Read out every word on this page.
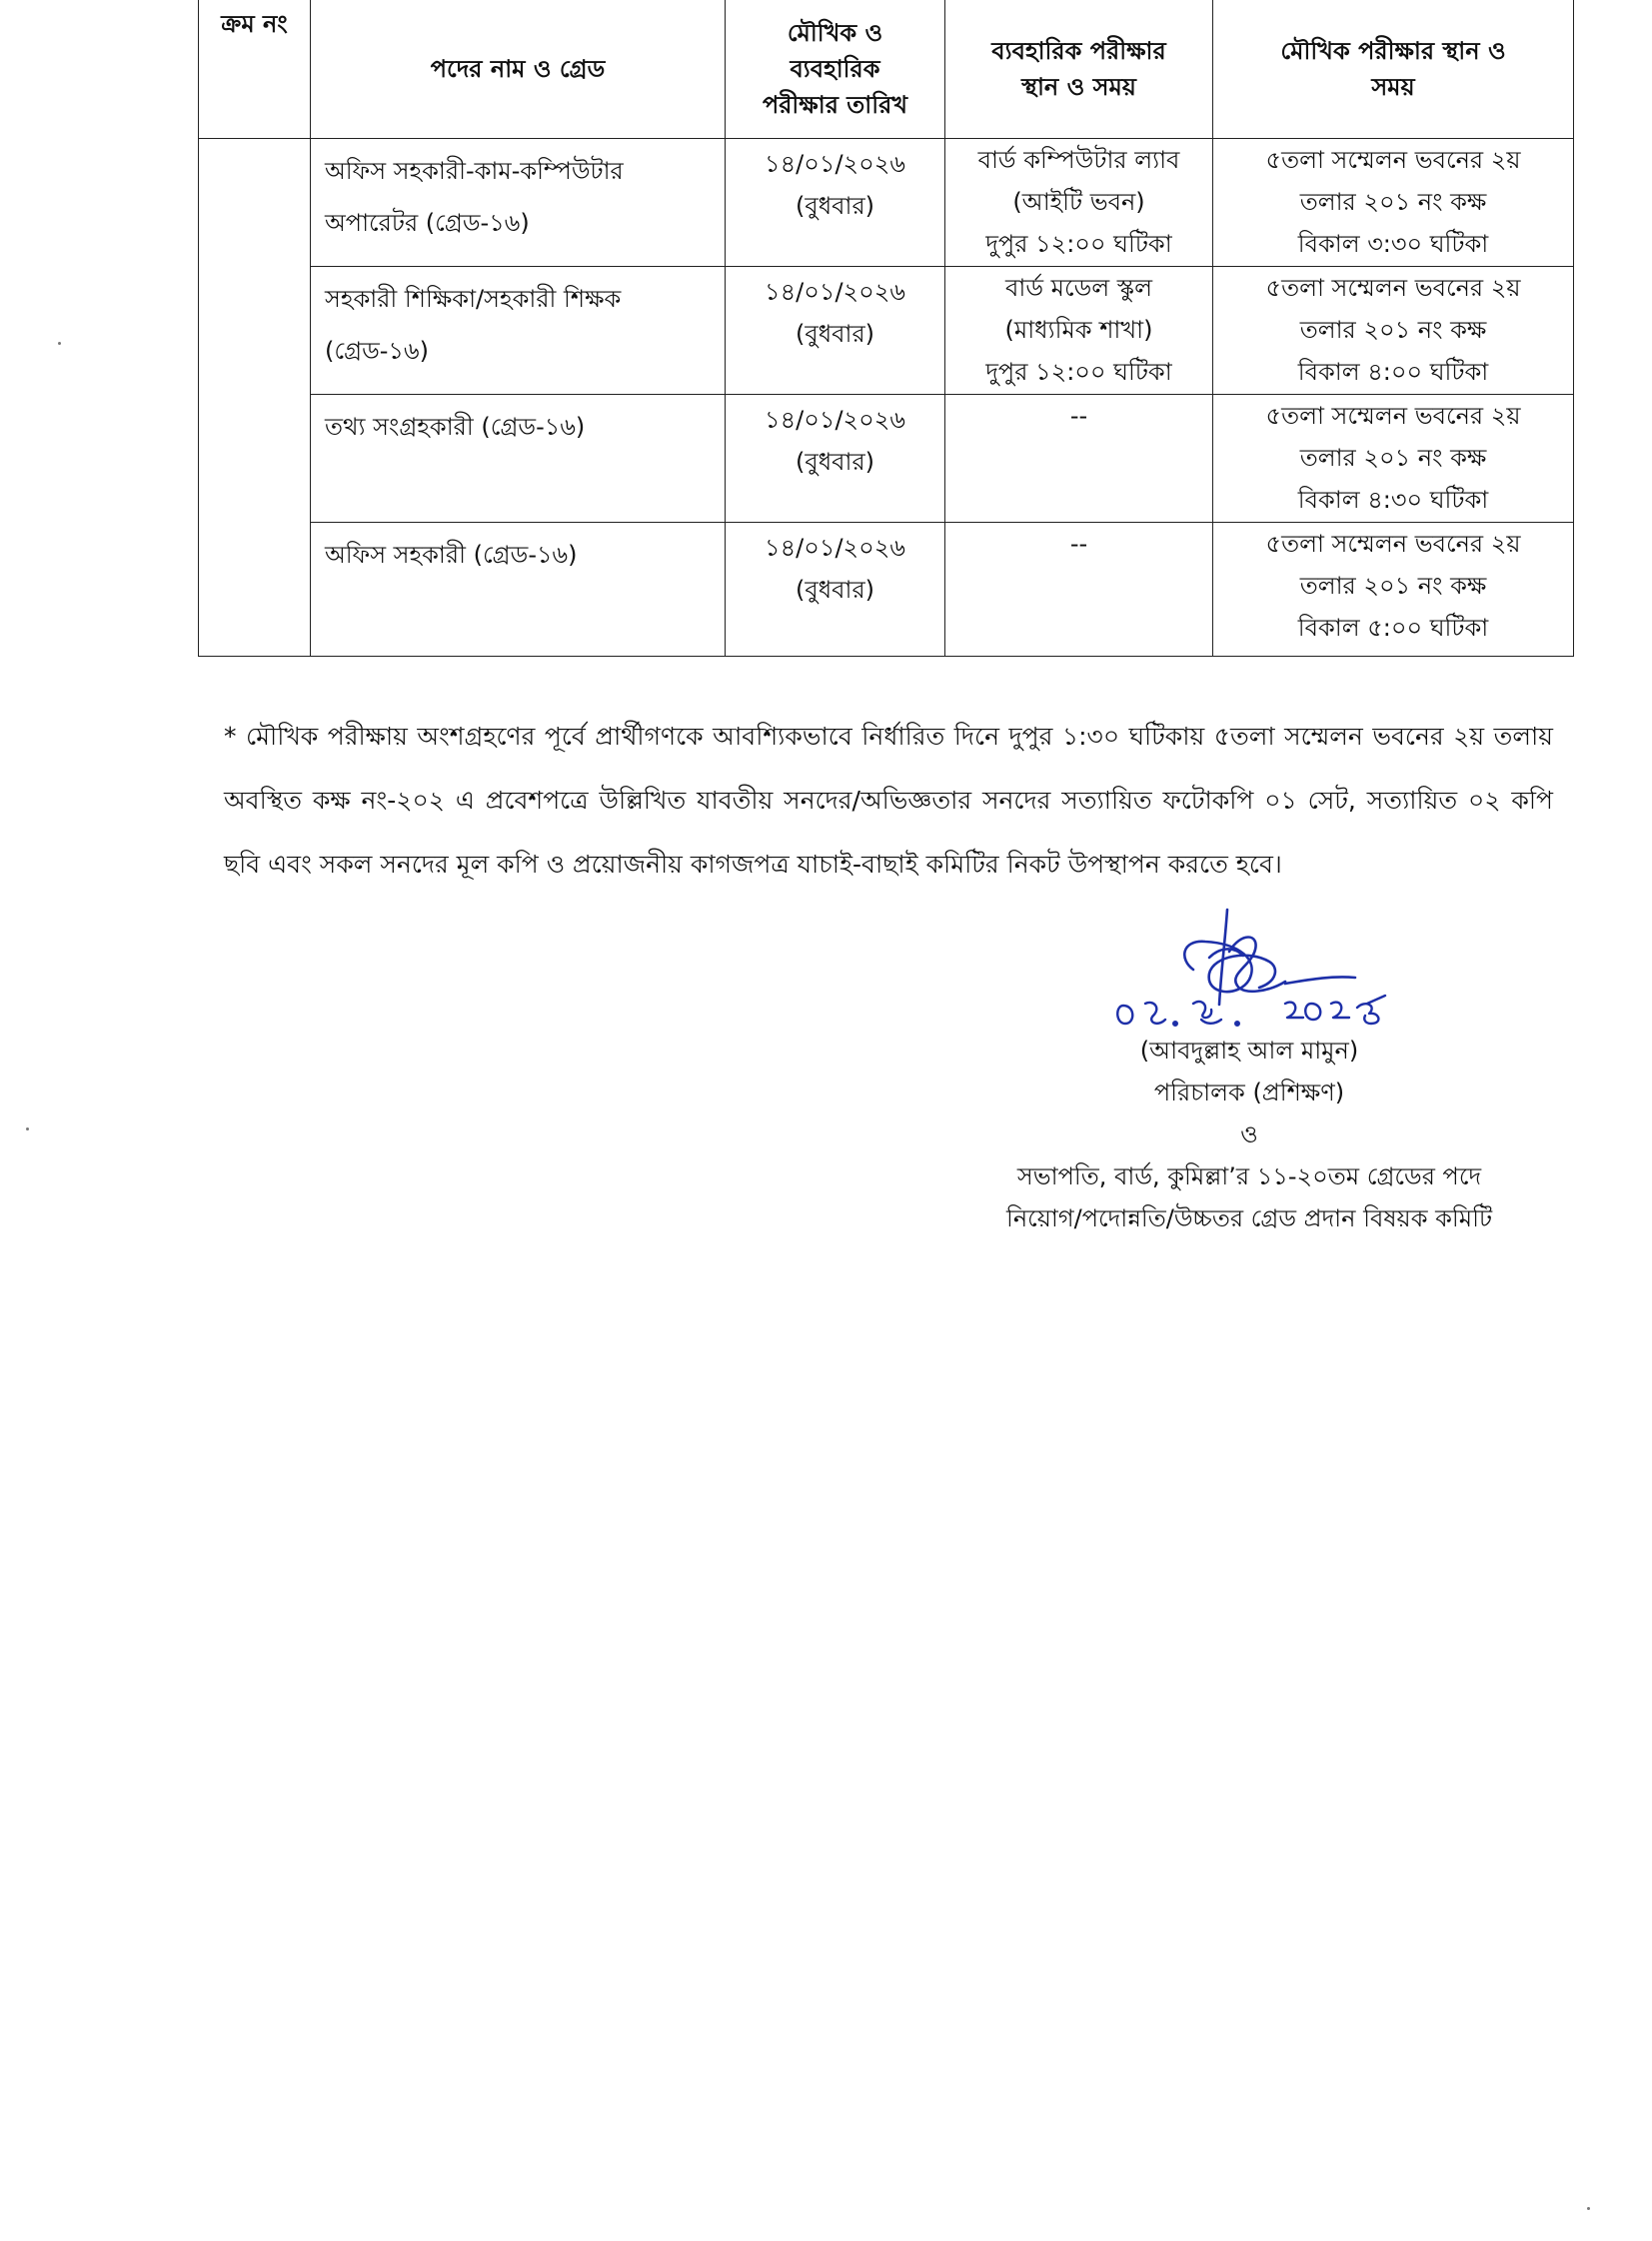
ক্রম নং	পদের নাম ও গ্রেড	মৌখিক ও
ব্যবহারিক
পরীক্ষার তারিখ	ব্যবহারিক পরীক্ষার
স্থান ও সময়	মৌখিক পরীক্ষার স্থান ও
সময়

	অফিস সহকারী-কাম-কম্পিউটার
অপারেটর (গ্রেড-১৬)	১৪/০১/২০২৬
(বুধবার)	বার্ড কম্পিউটার ল্যাব
(আইটি ভবন)
দুপুর ১২:০০ ঘটিকা	৫তলা সম্মেলন ভবনের ২য়
তলার ২০১ নং কক্ষ
বিকাল ৩:৩০ ঘটিকা

	সহকারী শিক্ষিকা/সহকারী শিক্ষক
(গ্রেড-১৬)	১৪/০১/২০২৬
(বুধবার)	বার্ড মডেল স্কুল
(মাধ্যমিক শাখা)
দুপুর ১২:০০ ঘটিকা	৫তলা সম্মেলন ভবনের ২য়
তলার ২০১ নং কক্ষ
বিকাল ৪:০০ ঘটিকা

	তথ্য সংগ্রহকারী (গ্রেড-১৬)	১৪/০১/২০২৬
(বুধবার)	--	৫তলা সম্মেলন ভবনের ২য়
তলার ২০১ নং কক্ষ
বিকাল ৪:৩০ ঘটিকা

	অফিস সহকারী (গ্রেড-১৬)	১৪/০১/২০২৬
(বুধবার)	--	৫তলা সম্মেলন ভবনের ২য়
তলার ২০১ নং কক্ষ
বিকাল ৫:০০ ঘটিকা

* মৌখিক পরীক্ষায় অংশগ্রহণের পূর্বে প্রার্থীগণকে আবশ্যিকভাবে নির্ধারিত দিনে দুপুর ১:৩০ ঘটিকায় ৫তলা সম্মেলন ভবনের ২য় তলায় অবস্থিত কক্ষ নং-২০২ এ প্রবেশপত্রে উল্লিখিত যাবতীয় সনদের/অভিজ্ঞতার সনদের সত্যায়িত ফটোকপি ০১ সেট, সত্যায়িত ০২ কপি ছবি এবং সকল সনদের মূল কপি ও প্রয়োজনীয় কাগজপত্র যাচাই-বাছাই কমিটির নিকট উপস্থাপন করতে হবে।

(আবদুল্লাহ আল মামুন)
পরিচালক (প্রশিক্ষণ)
ও
সভাপতি, বার্ড, কুমিল্লা’র ১১-২০তম গ্রেডের পদে
নিয়োগ/পদোন্নতি/উচ্চতর গ্রেড প্রদান বিষয়ক কমিটি
